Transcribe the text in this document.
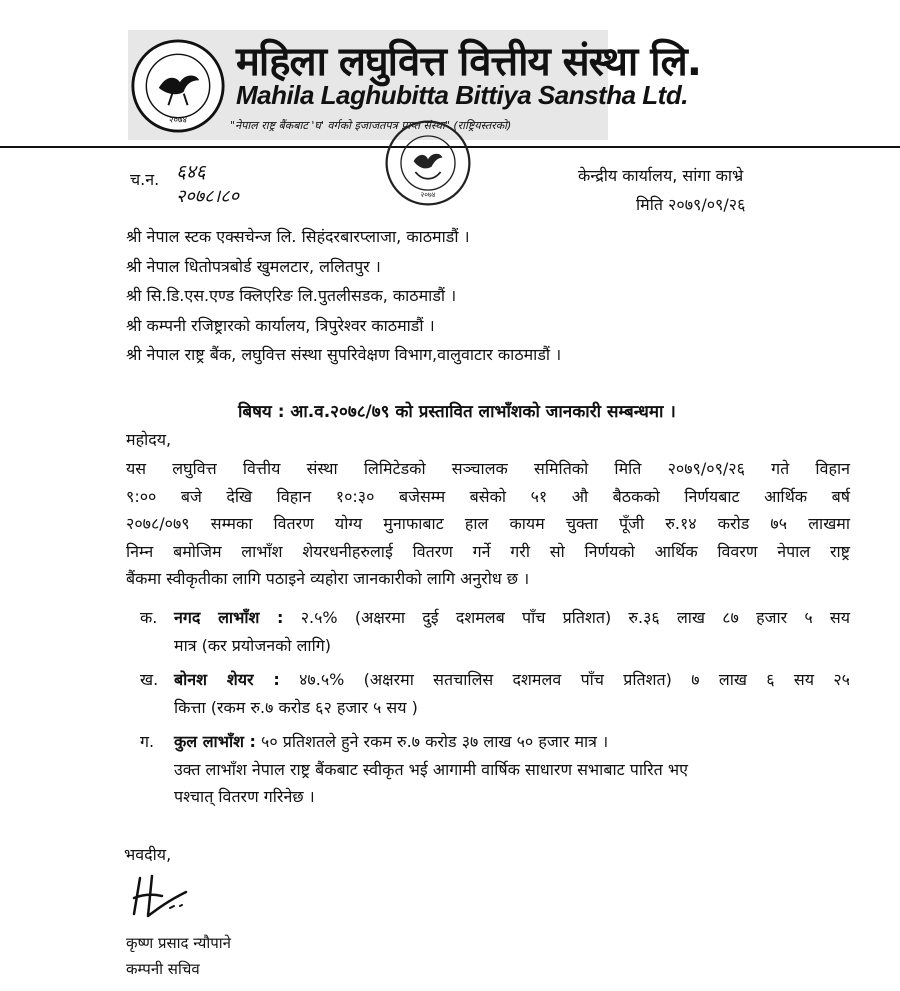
२०७४
महिला लघुवित्त वित्तीय संस्था लि.
Mahila Laghubitta Bittiya Sanstha Ltd.
"नेपाल राष्ट्र बैंकबाट 'घ' वर्गको इजाजतपत्र प्राप्त संस्था" (राष्ट्रियस्तरको)
२०७४
च.न. ६४६
२०७८।८०
केन्द्रीय कार्यालय, सांगा काभ्रे
मिति २०७९/०९/२६
श्री नेपाल स्टक एक्सचेन्ज लि. सिहंदरबारप्लाजा, काठमाडौं ।
श्री नेपाल धितोपत्रबोर्ड खुमलटार, ललितपुर ।
श्री सि.डि.एस.एण्ड क्लिएरिङ लि.पुतलीसडक, काठमाडौं ।
श्री कम्पनी रजिष्ट्रारको कार्यालय, त्रिपुरेश्वर काठमाडौं ।
श्री नेपाल राष्ट्र बैंक, लघुवित्त संस्था सुपरिवेक्षण विभाग,वालुवाटार काठमाडौं ।
बिषय : आ.व.२०७८/७९ को प्रस्तावित लाभाँशको जानकारी सम्बन्धमा ।
महोदय,
यस लघुवित्त वित्तीय संस्था लिमिटेडको सञ्चालक समितिको मिति २०७९/०९/२६ गते विहान
९:०० बजे देखि विहान १०:३० बजेसम्म बसेको ५१ औ बैठकको निर्णयबाट आर्थिक बर्ष
२०७८/०७९ सम्मका वितरण योग्य मुनाफाबाट हाल कायम चुक्ता पूँजी रु.१४ करोड ७५ लाखमा
निम्न बमोजिम लाभाँश शेयरधनीहरुलाई वितरण गर्ने गरी सो निर्णयको आर्थिक विवरण नेपाल राष्ट्र
बैंकमा स्वीकृतीका लागि पठाइने व्यहोरा जानकारीको लागि अनुरोध छ ।
क. नगद लाभाँश : २.५% (अक्षरमा दुई दशमलब पाँच प्रतिशत) रु.३६ लाख ८७ हजार ५ सय
मात्र (कर प्रयोजनको लागि)
ख. बोनश शेयर : ४७.५% (अक्षरमा सतचालिस दशमलव पाँच प्रतिशत) ७ लाख ६ सय २५
कित्ता (रकम रु.७ करोड ६२ हजार ५ सय )
ग. कुल लाभाँश : ५० प्रतिशतले हुने रकम रु.७ करोड ३७ लाख ५० हजार मात्र ।
उक्त लाभाँश नेपाल राष्ट्र बैंकबाट स्वीकृत भई आगामी वार्षिक साधारण सभाबाट पारित भए
पश्चात् वितरण गरिनेछ ।
भवदीय,
कृष्ण प्रसाद न्यौपाने
कम्पनी सचिव
